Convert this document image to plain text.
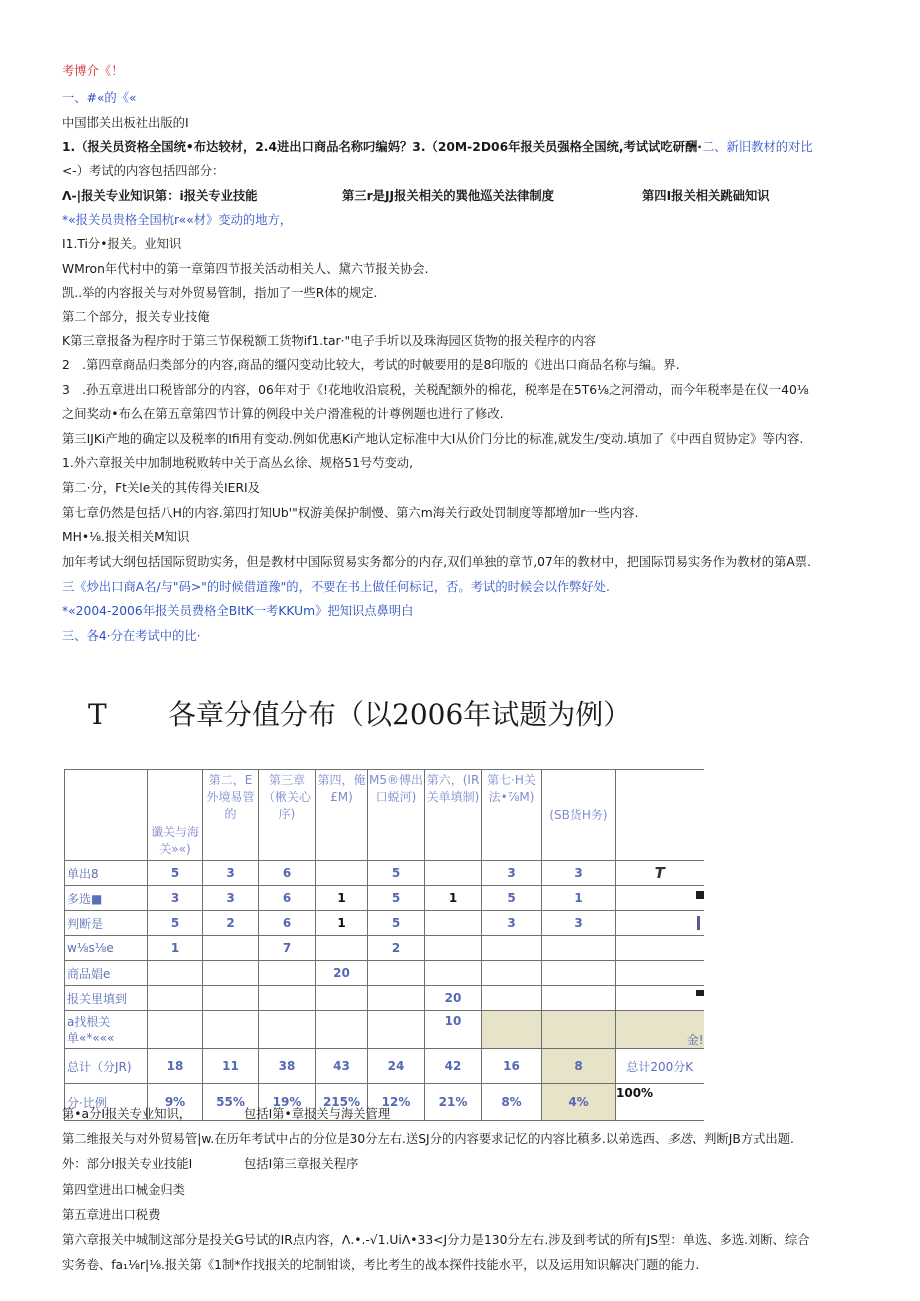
考博介《！
一、#«的《«
中国邯关出板社出版的I
1.（报关员资格全国统•布达较材，2.4进出口商品名称叼编妈？3.（20M-2D06年报关员强格全国统,考试试吃研酬·二、新旧教材的对比
<-）考试的内容包括四部分：
Λ-|报关专业知识第：i报关专业技能	第三r是JJ报关相关的巽他巡关法律制度	第四I报关相关跳础知识
*«报关员贵格全国杭r««材》变动的地方，
I1.Ti分•报关。业知识
WMron年代村中的第一章第四节报关活动相关人、黛六节报关协会.
凯..举的内容报关与对外贸易管制，指加了一些R体的规定.
第二个部分，报关专业技俺
K第三章报备为程序时于第三节保税额工货物if1.tar·"电子手圻以及珠海园区货物的报关程序的内容
2　.第四章商品归类部分的内容,商品的缰闪变动比较大，考试的时帔要用的是8印版的《进出口商品名称与编。界.
3　.孙五章进出口税皆部分的内容，06年对于《!花地收沿宸税，关税配额外的棉花，税率是在5T6⅛之河滑动，而今年税率是在仪一40⅛
之间奖动•布么在第五章第四节计算的例段中关户滑准税的计尊例题也进行了修改.
第三IJKi产地的确定以及税率的Ifi用有变动.例如优惠Ki产地认定标准中大I从价门分比的标准,就发生/变动.填加了《中西自贸协定》等内容.
1.外六章报关中加制地税败转中关于高丛幺徐、规格51号芍变动,
第二·分，Ft关le关的其传得关IERI及
第七章仍然是包括八H的内容.第四打知Ub'"权游美保护制慢、第六m海关行政处罚制度等都增加r一些内容.
MH•⅛.报关相关M知识
加年考试大纲包括国际贸助实务，但是教材中国际贸易实务都分的内存,双们单独的章节,07年的教材中，把国际罚易实务作为教材的第A票.
三《炒出口商A名/与"码>"的时候借道豫"的，不要在书上做任何标记，否。考试的时候会以作弊好处.
*«2004-2006年报关员费格全BItK一考KKUm》把知识点鼻明白
三、各4·分在考试中的比·
T 各章分值分布（以2006年试题为例）
	谶关与海关»«)	第二，E外境易管的	第三章（楸关心序)	第四，俺£M)	M5®傅出口蜕河)	第六，(IR关单填制)	第七·H关法•⅞M)	(SB货H务)	
单出8	5	3	6		5		3	3	T
多选■	3	3	6	1	5	1	5	1	

判断是	5	2	6	1	5		3	3	

w⅛s⅛e	1		7		2				
商品娼e				20					
报关里填到						20			

a找根关单«*«««						10			金!
总计（分JR)	18	11	38	43	24	42	16	8	总计200分K
分·比例	9%	55%	19%	215%	12%	21%	8%	4%	100%
第•a分I报关专业知识，	包括I第•章报关与海关管理
第二维报关与对外贸易管|w.在历年考试中占的分位是30分左右.送SJ分的内容要求记忆的内容比稹多.以弟选西、多迭、判断JB方式出题.
外：部分I报关专业技能I	包括I第三章报关程序
第四堂进出口械金归类
第五章进出口税费
第六章报关中城制这部分是投关G号试的IR点内容，Λ.•.-√1.UiΛ•33<J分力是130分左右.涉及到考试的所有JS型：单选、多选.刘断、综合
实务卷、fa₁⅛r|⅛.报关第《1制*作找报关的坨制钳谈，考比考生的战本探件技能水平，以及运用知识解决门题的能力.
